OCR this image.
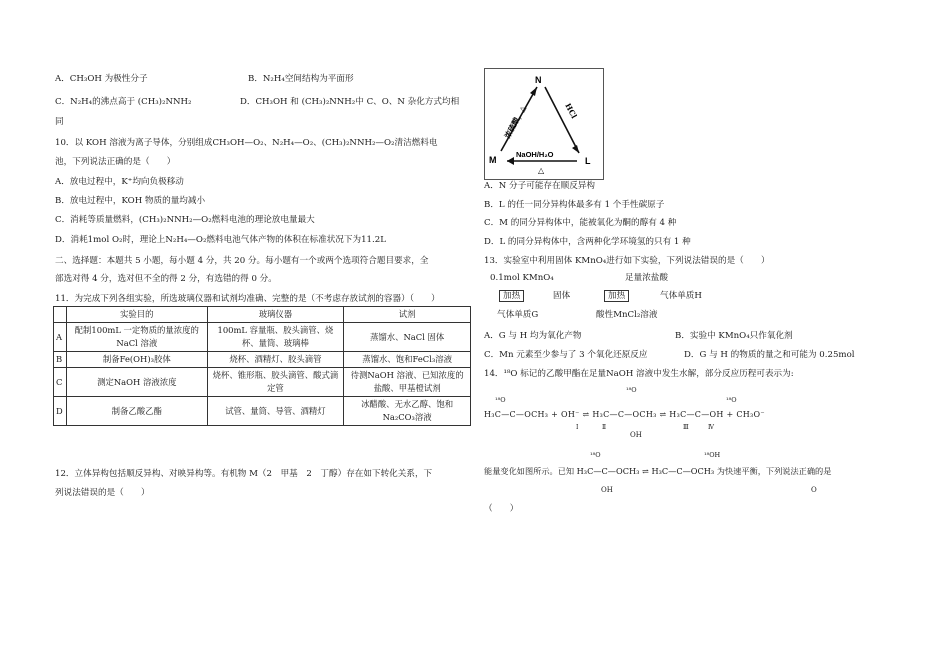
A．CH₃OH 为极性分子	B．N₂H₄空间结构为平面形
C．N₂H₄的沸点高于 (CH₃)₂NNH₂	D．CH₃OH 和 (CH₃)₂NNH₂中 C、O、N 杂化方式均相
同
10．以 KOH 溶液为离子导体，分别组成CH₃OH—O₂、N₂H₄—O₂、(CH₃)₂NNH₂—O₂清洁燃料电
池，下列说法正确的是（　　）
A．放电过程中，K⁺均向负极移动
B．放电过程中，KOH 物质的量均减小
C．消耗等质量燃料，(CH₃)₂NNH₂—O₂燃料电池的理论放电量最大
D．消耗1mol O₂时，理论上N₂H₄—O₂燃料电池气体产物的体积在标准状况下为11.2L
二、选择题：本题共 5 小题，每小题 4 分，共 20 分。每小题有一个或两个选项符合题目要求，全
部选对得 4 分，选对但不全的得 2 分，有选错的得 0 分。
11．为完成下列各组实验，所选玻璃仪器和试剂均准确、完整的是（不考虑存放试剂的容器）（　　）
	实验目的	玻璃仪器	试剂
A	配制100mL 一定物质的量浓度的NaCl 溶液	100mL 容量瓶、胶头滴管、烧杯、量筒、玻璃棒	蒸馏水、NaCl 固体
B	制备Fe(OH)₃胶体	烧杯、酒精灯、胶头滴管	蒸馏水、饱和FeCl₃溶液
C	测定NaOH 溶液浓度	烧杯、锥形瓶、胶头滴管、酸式滴定管	待测NaOH 溶液、已知浓度的盐酸、甲基橙试剂
D	制备乙酸乙酯	试管、量筒、导管、酒精灯	冰醋酸、无水乙醇、饱和Na₂CO₃溶液
12．立体异构包括顺反异构、对映异构等。有机物 M（2　甲基　2　丁醇）存在如下转化关系，下
列说法错误的是（　　）
N
M	L
浓硫酸，△	HCl
NaOH/H₂O
△
A．N 分子可能存在顺反异构
B．L 的任一同分异构体最多有 1 个手性碳原子
C．M 的同分异构体中，能被氧化为酮的醇有 4 种
D．L 的同分异构体中，含两种化学环境氢的只有 1 种
13．实验室中利用固体 KMnO₄进行如下实验，下列说法错误的是（　　）
0.1mol KMnO₄	足量浓盐酸
加热	固体	加热	气体单质H
气体单质G	酸性MnCl₂溶液
A．G 与 H 均为氧化产物	B．实验中 KMnO₄只作氧化剂
C．Mn 元素至少参与了 3 个氧化还原反应	D．G 与 H 的物质的量之和可能为 0.25mol
14．¹⁸O 标记的乙酸甲酯在足量NaOH 溶液中发生水解，部分反应历程可表示为:
¹⁸O
¹⁸O	¹⁸O
H₃C—C—OCH₃ + OH⁻ ⇌ H₃C—C—OCH₃ ⇌ H₃C—C—OH + CH₃O⁻
Ⅰ	Ⅱ	Ⅲ	Ⅳ
OH
¹⁸O	¹⁸OH
能量变化如图所示。已知 H₃C—C—OCH₃ ⇌ H₃C—C—OCH₃ 为快速平衡，下列说法正确的是
OH	O
（　　）
